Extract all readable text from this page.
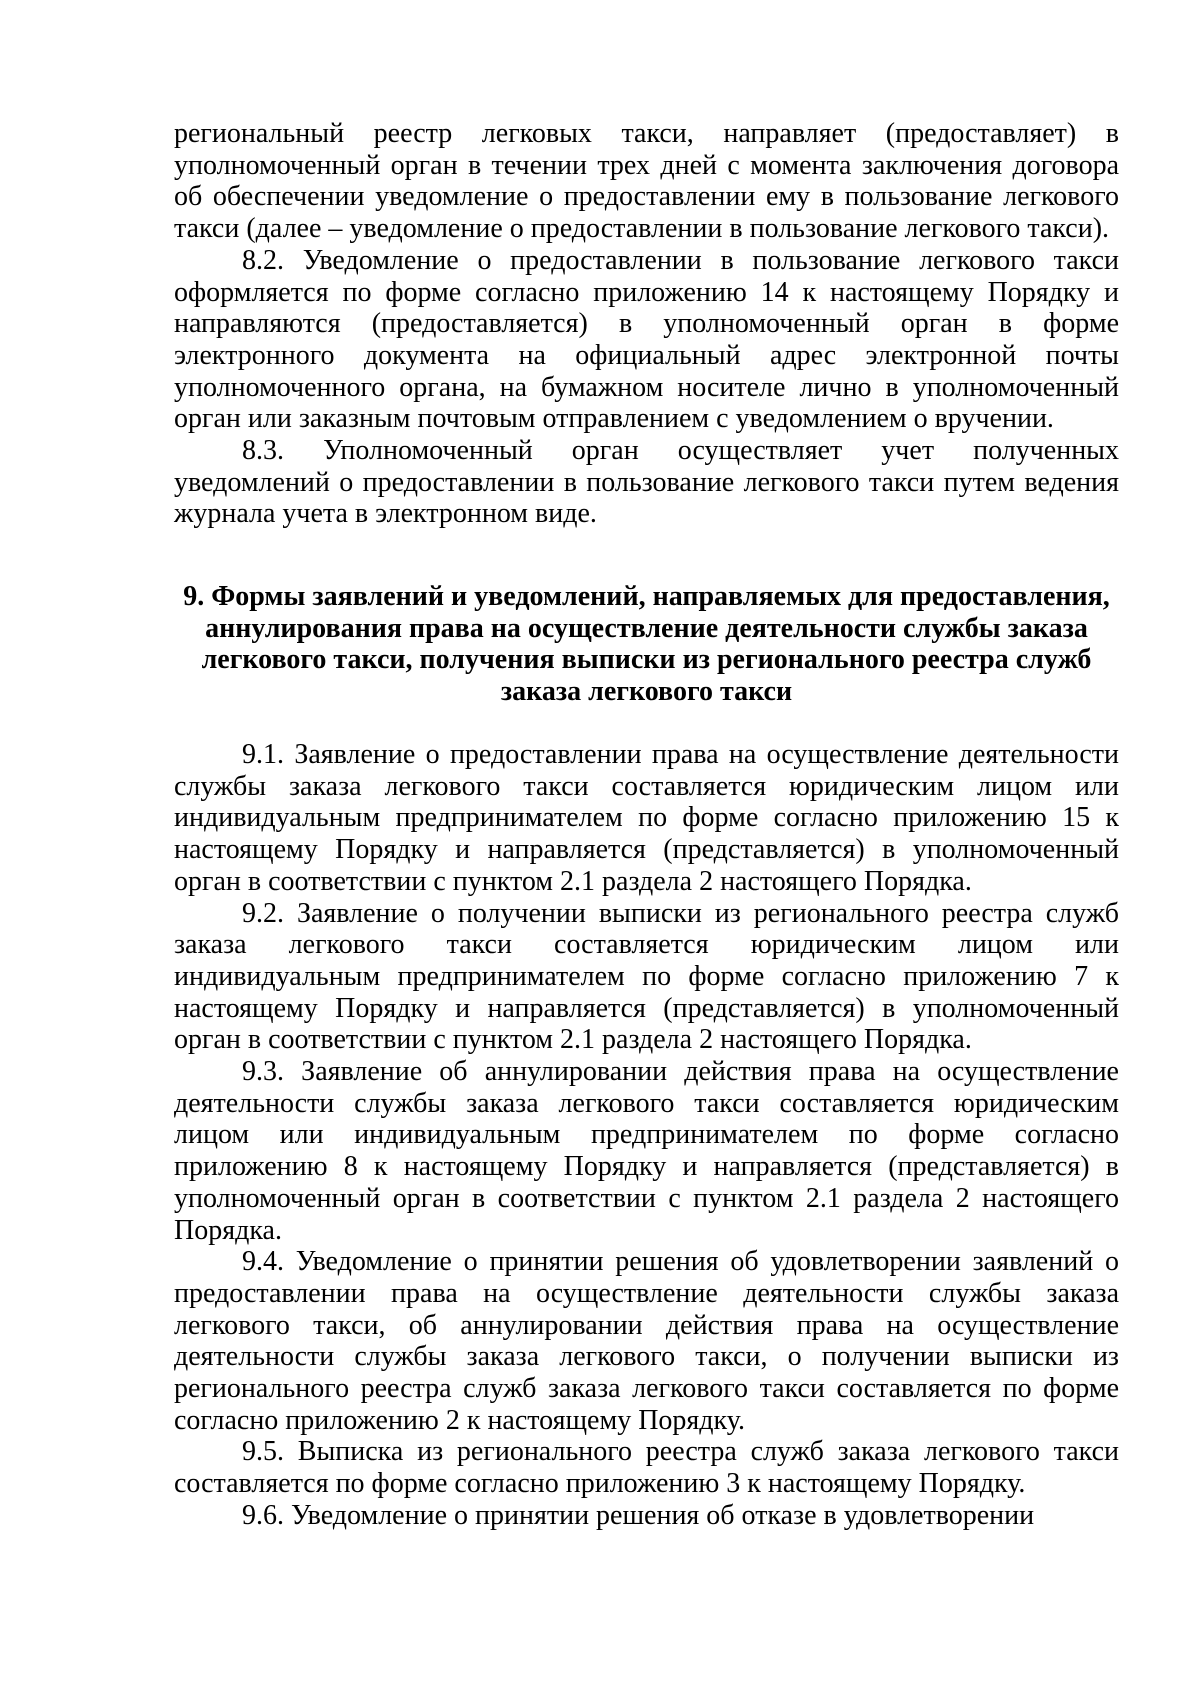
региональный реестр легковых такси, направляет (предоставляет) в уполномоченный орган в течении трех дней с момента заключения договора об обеспечении уведомление о предоставлении ему в пользование легкового такси (далее – уведомление о предоставлении в пользование легкового такси).

8.2. Уведомление о предоставлении в пользование легкового такси оформляется по форме согласно приложению 14 к настоящему Порядку и направляются (предоставляется) в уполномоченный орган в форме электронного документа на официальный адрес электронной почты уполномоченного органа, на бумажном носителе лично в уполномоченный орган или заказным почтовым отправлением с уведомлением о вручении.

8.3. Уполномоченный орган осуществляет учет полученных уведомлений о предоставлении в пользование легкового такси путем ведения журнала учета в электронном виде.

9. Формы заявлений и уведомлений, направляемых для предоставления, аннулирования права на осуществление деятельности службы заказа легкового такси, получения выписки из регионального реестра служб заказа легкового такси

9.1. Заявление о предоставлении права на осуществление деятельности службы заказа легкового такси составляется юридическим лицом или индивидуальным предпринимателем по форме согласно приложению 15 к настоящему Порядку и направляется (представляется) в уполномоченный орган в соответствии с пунктом 2.1 раздела 2 настоящего Порядка.

9.2. Заявление о получении выписки из регионального реестра служб заказа легкового такси составляется юридическим лицом или индивидуальным предпринимателем по форме согласно приложению 7 к настоящему Порядку и направляется (представляется) в уполномоченный орган в соответствии с пунктом 2.1 раздела 2 настоящего Порядка.

9.3. Заявление об аннулировании действия права на осуществление деятельности службы заказа легкового такси составляется юридическим лицом или индивидуальным предпринимателем по форме согласно приложению 8 к настоящему Порядку и направляется (представляется) в уполномоченный орган в соответствии с пунктом 2.1 раздела 2 настоящего Порядка.

9.4. Уведомление о принятии решения об удовлетворении заявлений о предоставлении права на осуществление деятельности службы заказа легкового такси, об аннулировании действия права на осуществление деятельности службы заказа легкового такси, о получении выписки из регионального реестра служб заказа легкового такси составляется по форме согласно приложению 2 к настоящему Порядку.

9.5. Выписка из регионального реестра служб заказа легкового такси составляется по форме согласно приложению 3 к настоящему Порядку.

9.6. Уведомление о принятии решения об отказе в удовлетворении
